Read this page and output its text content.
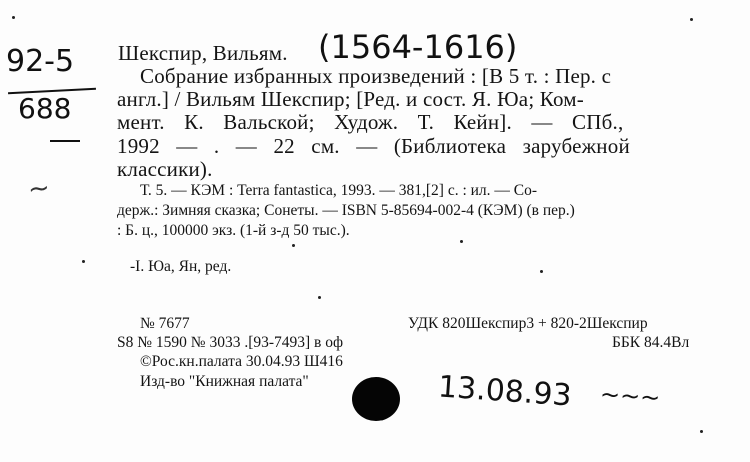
92-5
688
~
Шекспир, Вильям. (1564-1616)
Собрание избранных произведений : [В 5 т. : Пер. с
англ.] / Вильям Шекспир; [Ред. и сост. Я. Юа; Ком-
мент. К. Вальской; Худож. Т. Кейн]. — СПб.,
1992 — . — 22 см. — (Библиотека зарубежной
классики).
Т. 5. — КЭМ : Terra fantastica, 1993. — 381,[2] с. : ил. — Со-
держ.: Зимняя сказка; Сонеты. — ISBN 5-85694-002-4 (КЭМ) (в пер.)
: Б. ц., 100000 экз. (1-й з-д 50 тыс.).
-I. Юа, Ян, ред.
№ 7677
S8 № 1590 № 3033 .[93-7493] в оф
©Рос.кн.палата 30.04.93 Ш416
Изд-во "Книжная палата"
УДК 820Шекспир3 + 820-2Шекспир
ББК 84.4Вл
13.08.93 ~~~
